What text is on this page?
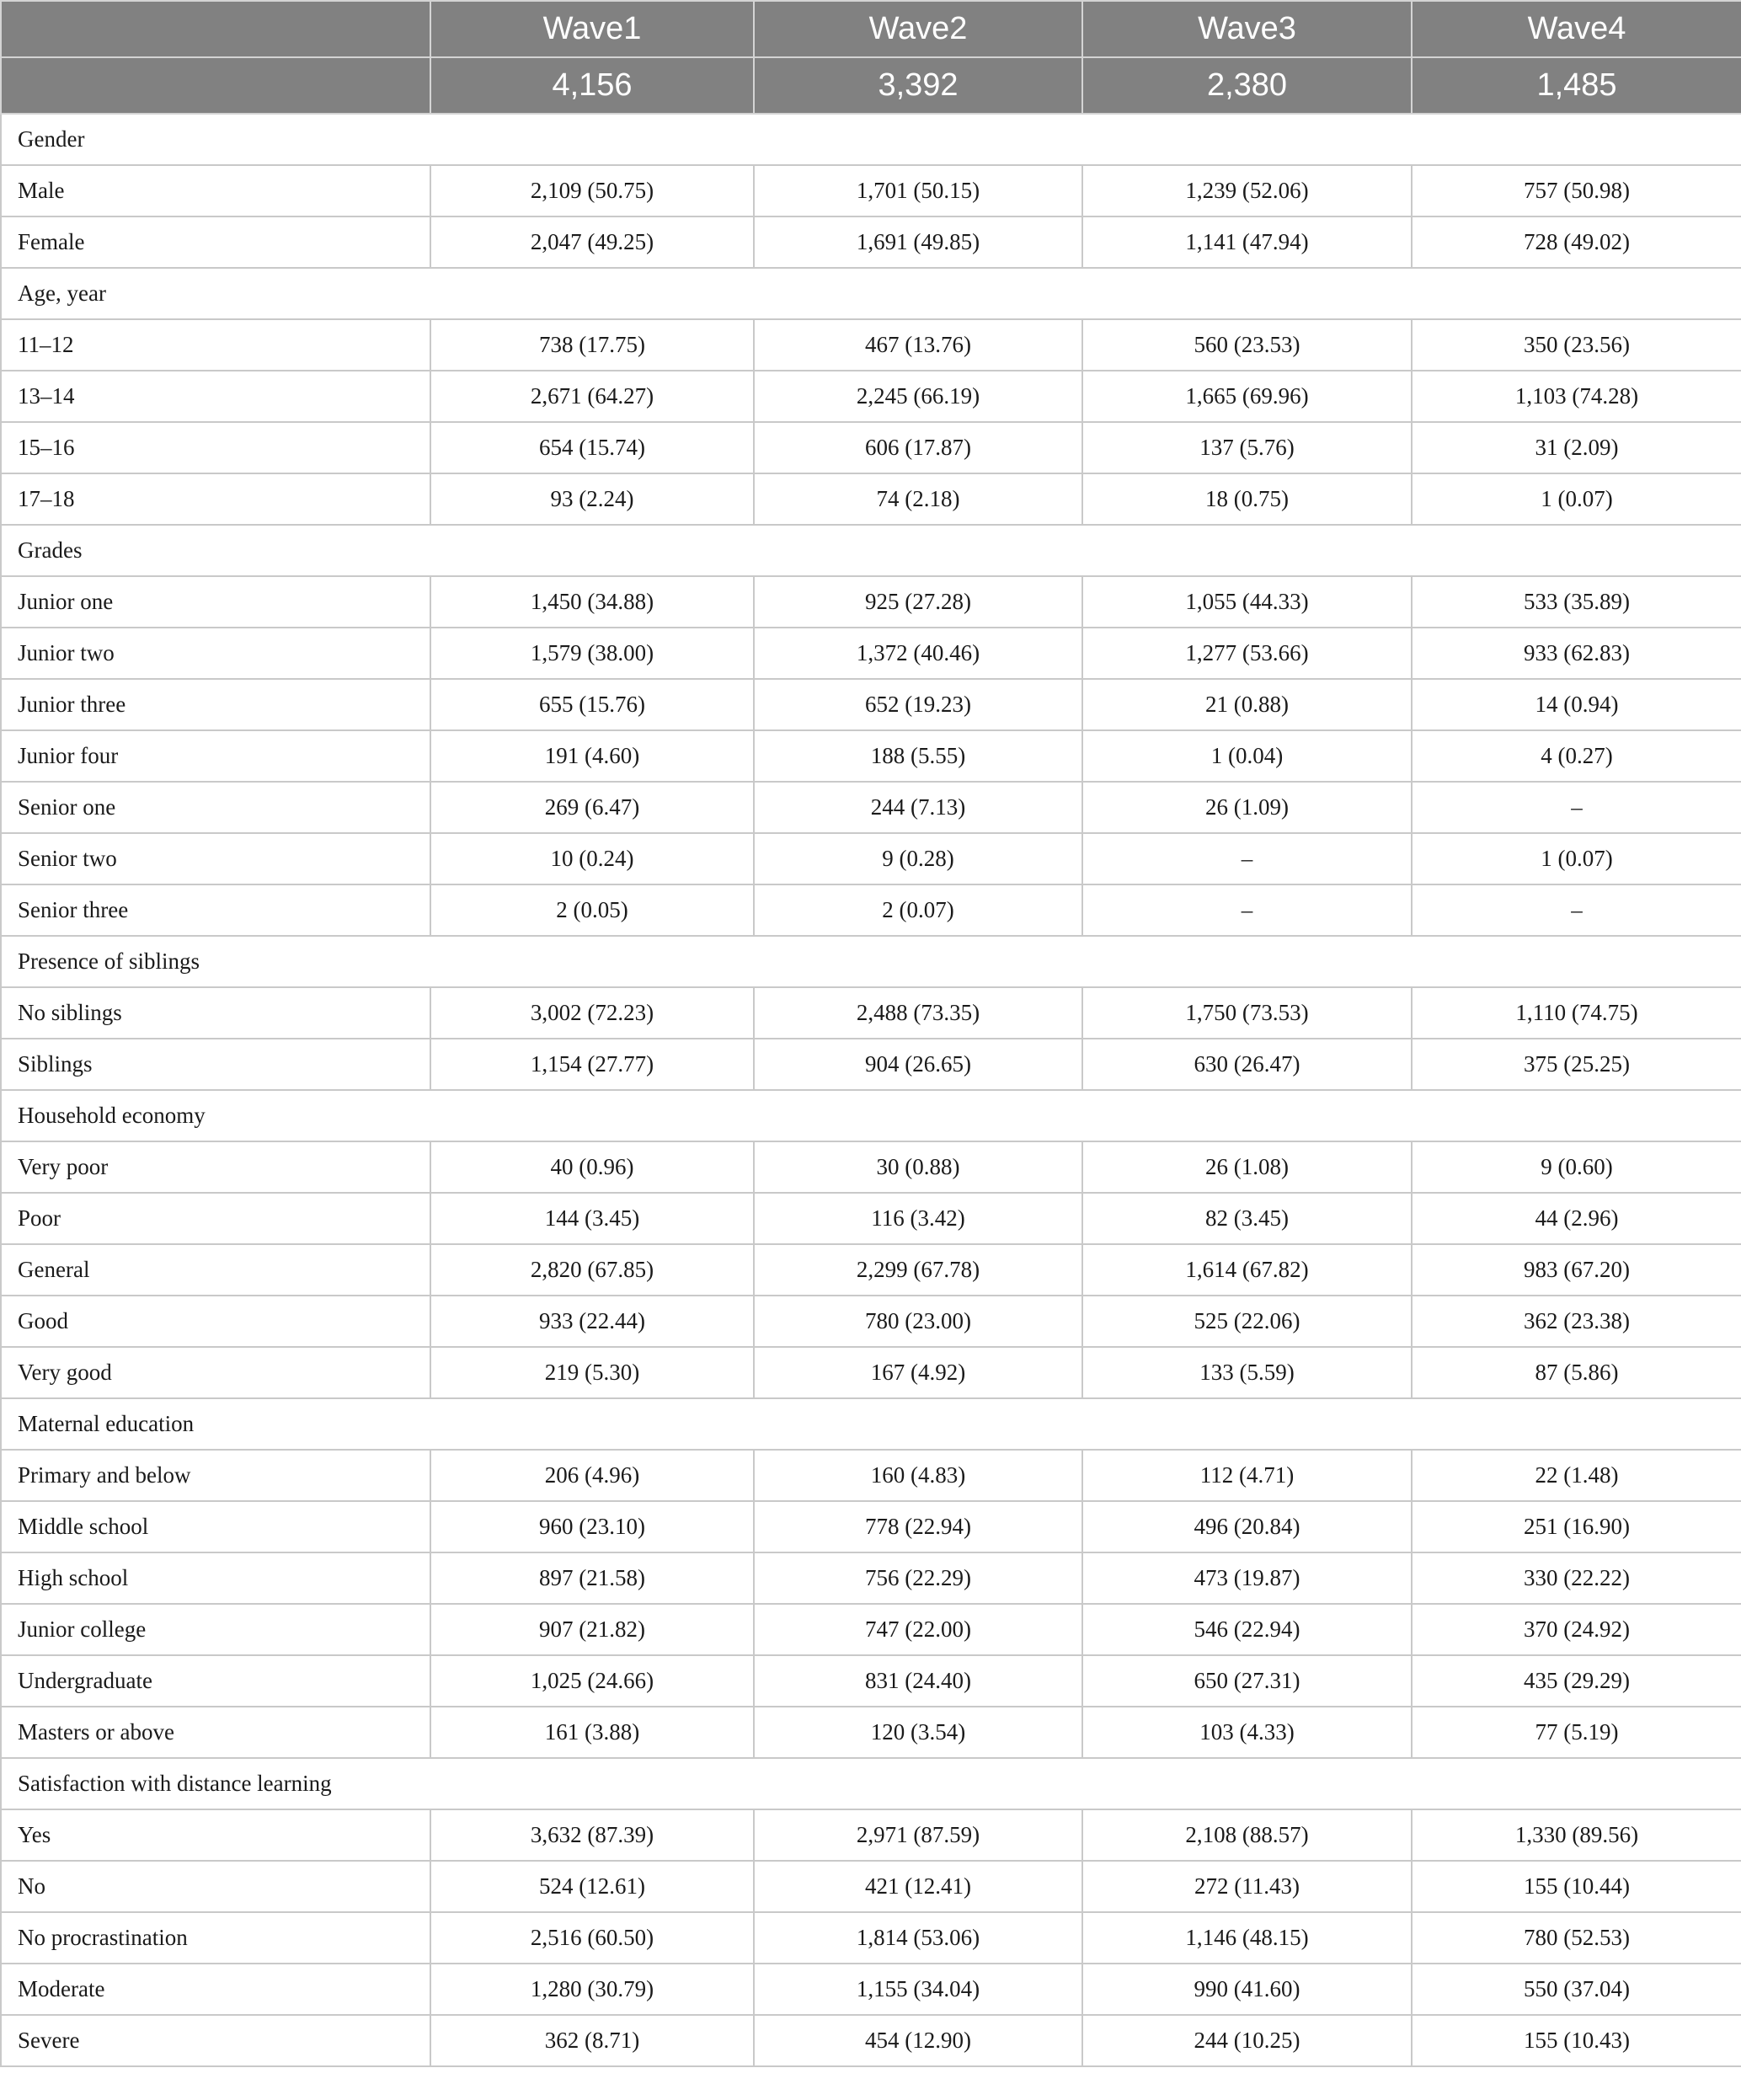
	Wave1	Wave2	Wave3	Wave4
	4,156	3,392	2,380	1,485
Gender				
Male	2,109 (50.75)	1,701 (50.15)	1,239 (52.06)	757 (50.98)
Female	2,047 (49.25)	1,691 (49.85)	1,141 (47.94)	728 (49.02)
Age, year				
11–12	738 (17.75)	467 (13.76)	560 (23.53)	350 (23.56)
13–14	2,671 (64.27)	2,245 (66.19)	1,665 (69.96)	1,103 (74.28)
15–16	654 (15.74)	606 (17.87)	137 (5.76)	31 (2.09)
17–18	93 (2.24)	74 (2.18)	18 (0.75)	1 (0.07)
Grades				
Junior one	1,450 (34.88)	925 (27.28)	1,055 (44.33)	533 (35.89)
Junior two	1,579 (38.00)	1,372 (40.46)	1,277 (53.66)	933 (62.83)
Junior three	655 (15.76)	652 (19.23)	21 (0.88)	14 (0.94)
Junior four	191 (4.60)	188 (5.55)	1 (0.04)	4 (0.27)
Senior one	269 (6.47)	244 (7.13)	26 (1.09)	–
Senior two	10 (0.24)	9 (0.28)	–	1 (0.07)
Senior three	2 (0.05)	2 (0.07)	–	–
Presence of siblings				
No siblings	3,002 (72.23)	2,488 (73.35)	1,750 (73.53)	1,110 (74.75)
Siblings	1,154 (27.77)	904 (26.65)	630 (26.47)	375 (25.25)
Household economy				
Very poor	40 (0.96)	30 (0.88)	26 (1.08)	9 (0.60)
Poor	144 (3.45)	116 (3.42)	82 (3.45)	44 (2.96)
General	2,820 (67.85)	2,299 (67.78)	1,614 (67.82)	983 (67.20)
Good	933 (22.44)	780 (23.00)	525 (22.06)	362 (23.38)
Very good	219 (5.30)	167 (4.92)	133 (5.59)	87 (5.86)
Maternal education				
Primary and below	206 (4.96)	160 (4.83)	112 (4.71)	22 (1.48)
Middle school	960 (23.10)	778 (22.94)	496 (20.84)	251 (16.90)
High school	897 (21.58)	756 (22.29)	473 (19.87)	330 (22.22)
Junior college	907 (21.82)	747 (22.00)	546 (22.94)	370 (24.92)
Undergraduate	1,025 (24.66)	831 (24.40)	650 (27.31)	435 (29.29)
Masters or above	161 (3.88)	120 (3.54)	103 (4.33)	77 (5.19)
Satisfaction with distance learning				
Yes	3,632 (87.39)	2,971 (87.59)	2,108 (88.57)	1,330 (89.56)
No	524 (12.61)	421 (12.41)	272 (11.43)	155 (10.44)
No procrastination	2,516 (60.50)	1,814 (53.06)	1,146 (48.15)	780 (52.53)
Moderate	1,280 (30.79)	1,155 (34.04)	990 (41.60)	550 (37.04)
Severe	362 (8.71)	454 (12.90)	244 (10.25)	155 (10.43)
